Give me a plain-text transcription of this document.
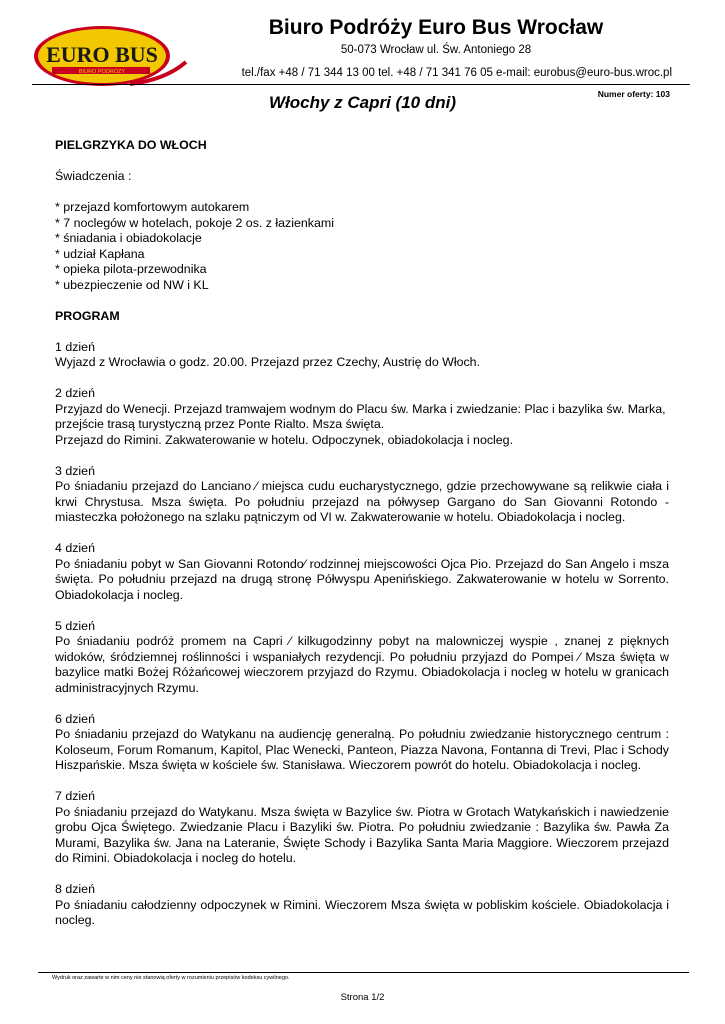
EURO BUS
BIURO PODRÓŻY
Biuro Podróży Euro Bus Wrocław
50-073 Wrocław ul. Św. Antoniego 28
tel./fax +48 / 71 344 13 00 tel. +48 / 71 341 76 05 e-mail: eurobus@euro-bus.wroc.pl
Numer oferty: 103
Włochy z Capri (10 dni)

PIELGRZYKA DO WŁOCH

Świadczenia :

* przejazd komfortowym autokarem

* 7 noclegów w hotelach, pokoje 2 os. z łazienkami

* śniadania i obiadokolacje

* udział Kapłana

* opieka pilota-przewodnika

* ubezpieczenie od NW i KL

PROGRAM

1 dzień

Wyjazd z Wrocławia o godz. 20.00. Przejazd przez Czechy, Austrię do Włoch.

2 dzień

Przyjazd do Wenecji. Przejazd tramwajem wodnym do Placu św. Marka i zwiedzanie: Plac i bazylika św. Marka, przejście trasą turystyczną przez Ponte Rialto. Msza święta.

Przejazd do Rimini. Zakwaterowanie w hotelu. Odpoczynek, obiadokolacja i nocleg.

3 dzień

Po śniadaniu przejazd do Lanciano ⁄ miejsca cudu eucharystycznego, gdzie przechowywane są relikwie ciała i krwi Chrystusa. Msza święta. Po południu przejazd na półwysep Gargano do San Giovanni Rotondo - miasteczka położonego na szlaku pątniczym od VI w. Zakwaterowanie w hotelu. Obiadokolacja i nocleg.

4 dzień

Po śniadaniu pobyt w San Giovanni Rotondo⁄ rodzinnej miejscowości Ojca Pio. Przejazd do San Angelo i msza święta. Po południu przejazd na drugą stronę Półwyspu Apenińskiego. Zakwaterowanie w hotelu w Sorrento. Obiadokolacja i nocleg.

5 dzień

Po śniadaniu podróż promem na Capri ⁄ kilkugodzinny pobyt na malowniczej wyspie , znanej z pięknych widoków, śródziemnej roślinności i wspaniałych rezydencji. Po południu przyjazd do Pompei ⁄ Msza święta w bazylice matki Bożej Różańcowej wieczorem przyjazd do Rzymu. Obiadokolacja i nocleg w hotelu w granicach administracyjnych Rzymu.

6 dzień

Po śniadaniu przejazd do Watykanu na audiencję generalną. Po południu zwiedzanie historycznego centrum : Koloseum, Forum Romanum, Kapitol, Plac Wenecki, Panteon, Piazza Navona, Fontanna di Trevi, Plac i Schody Hiszpańskie. Msza święta w kościele św. Stanisława. Wieczorem powrót do hotelu. Obiadokolacja i nocleg.

7 dzień

Po śniadaniu przejazd do Watykanu. Msza święta w Bazylice św. Piotra w Grotach Watykańskich i nawiedzenie grobu Ojca Świętego. Zwiedzanie Placu i Bazyliki św. Piotra. Po południu zwiedzanie : Bazylika św. Pawła Za Murami, Bazylika św. Jana na Lateranie, Święte Schody i Bazylika Santa Maria Maggiore. Wieczorem przejazd do Rimini. Obiadokolacja i nocleg do hotelu.

8 dzień

Po śniadaniu całodzienny odpoczynek w Rimini. Wieczorem Msza święta w pobliskim kościele. Obiadokolacja i nocleg.

Wydruk oraz zawarte w nim ceny nie stanowią oferty w rozumieniu przepisów kodeksu cywilnego.
Strona 1/2
